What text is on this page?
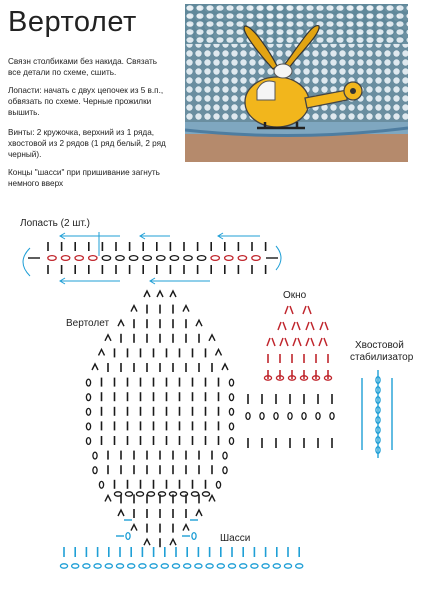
Вертолет
Связн столбиками без накида. Связать
все детали по схеме, сшить.
Лопасти: начать с двух цепочек из 5 в.п.,
обвязать по схеме. Черные прожилки
вышить.
Винты: 2 кружочка, верхний из 1 ряда,
хвостовой из 2 рядов (1 ряд белый, 2 ряд
черный).
Концы "шасси" при пришивание загнуть
немного вверх
Лопасть (2 шт.)
Вертолет
Окно
Хвостовой
стабилизатор
Шасси
